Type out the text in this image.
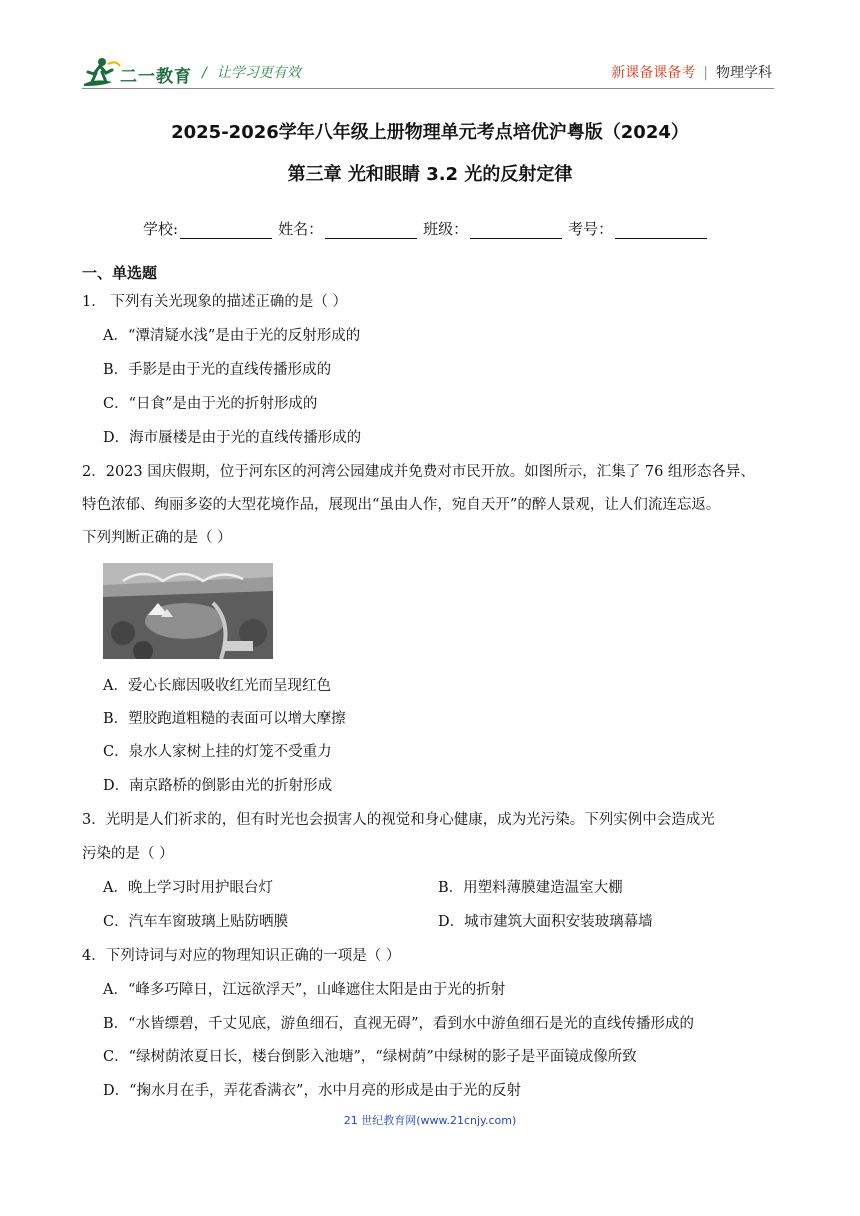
二一教育 / 让学习更有效	新课备课备考 | 物理学科
2025-2026学年八年级上册物理单元考点培优沪粤版（2024）
第三章 光和眼睛 3.2 光的反射定律
学校:	姓名：	班级：	考号：
一、单选题
1． 下列有关光现象的描述正确的是（ ）
A．“潭清疑水浅”是由于光的反射形成的
B．手影是由于光的直线传播形成的
C．“日食”是由于光的折射形成的
D．海市蜃楼是由于光的直线传播形成的
2．2023 国庆假期，位于河东区的河湾公园建成并免费对市民开放。如图所示，汇集了 76 组形态各异、
特色浓郁、绚丽多姿的大型花境作品，展现出“虽由人作，宛自天开”的醉人景观，让人们流连忘返。
下列判断正确的是（ ）
A．爱心长廊因吸收红光而呈现红色
B．塑胶跑道粗糙的表面可以增大摩擦
C．泉水人家树上挂的灯笼不受重力
D．南京路桥的倒影由光的折射形成
3．光明是人们祈求的，但有时光也会损害人的视觉和身心健康，成为光污染。下列实例中会造成光
污染的是（ ）
A．晚上学习时用护眼台灯	B．用塑料薄膜建造温室大棚
C．汽车车窗玻璃上贴防晒膜	D．城市建筑大面积安装玻璃幕墙
4．下列诗词与对应的物理知识正确的一项是（ ）
A．“峰多巧障日，江远欲浮天”，山峰遮住太阳是由于光的折射
B．“水皆缥碧，千丈见底，游鱼细石，直视无碍”，看到水中游鱼细石是光的直线传播形成的
C．“绿树荫浓夏日长，楼台倒影入池塘”，“绿树荫”中绿树的影子是平面镜成像所致
D．“掬水月在手，弄花香满衣”，水中月亮的形成是由于光的反射
21 世纪教育网(www.21cnjy.com)
